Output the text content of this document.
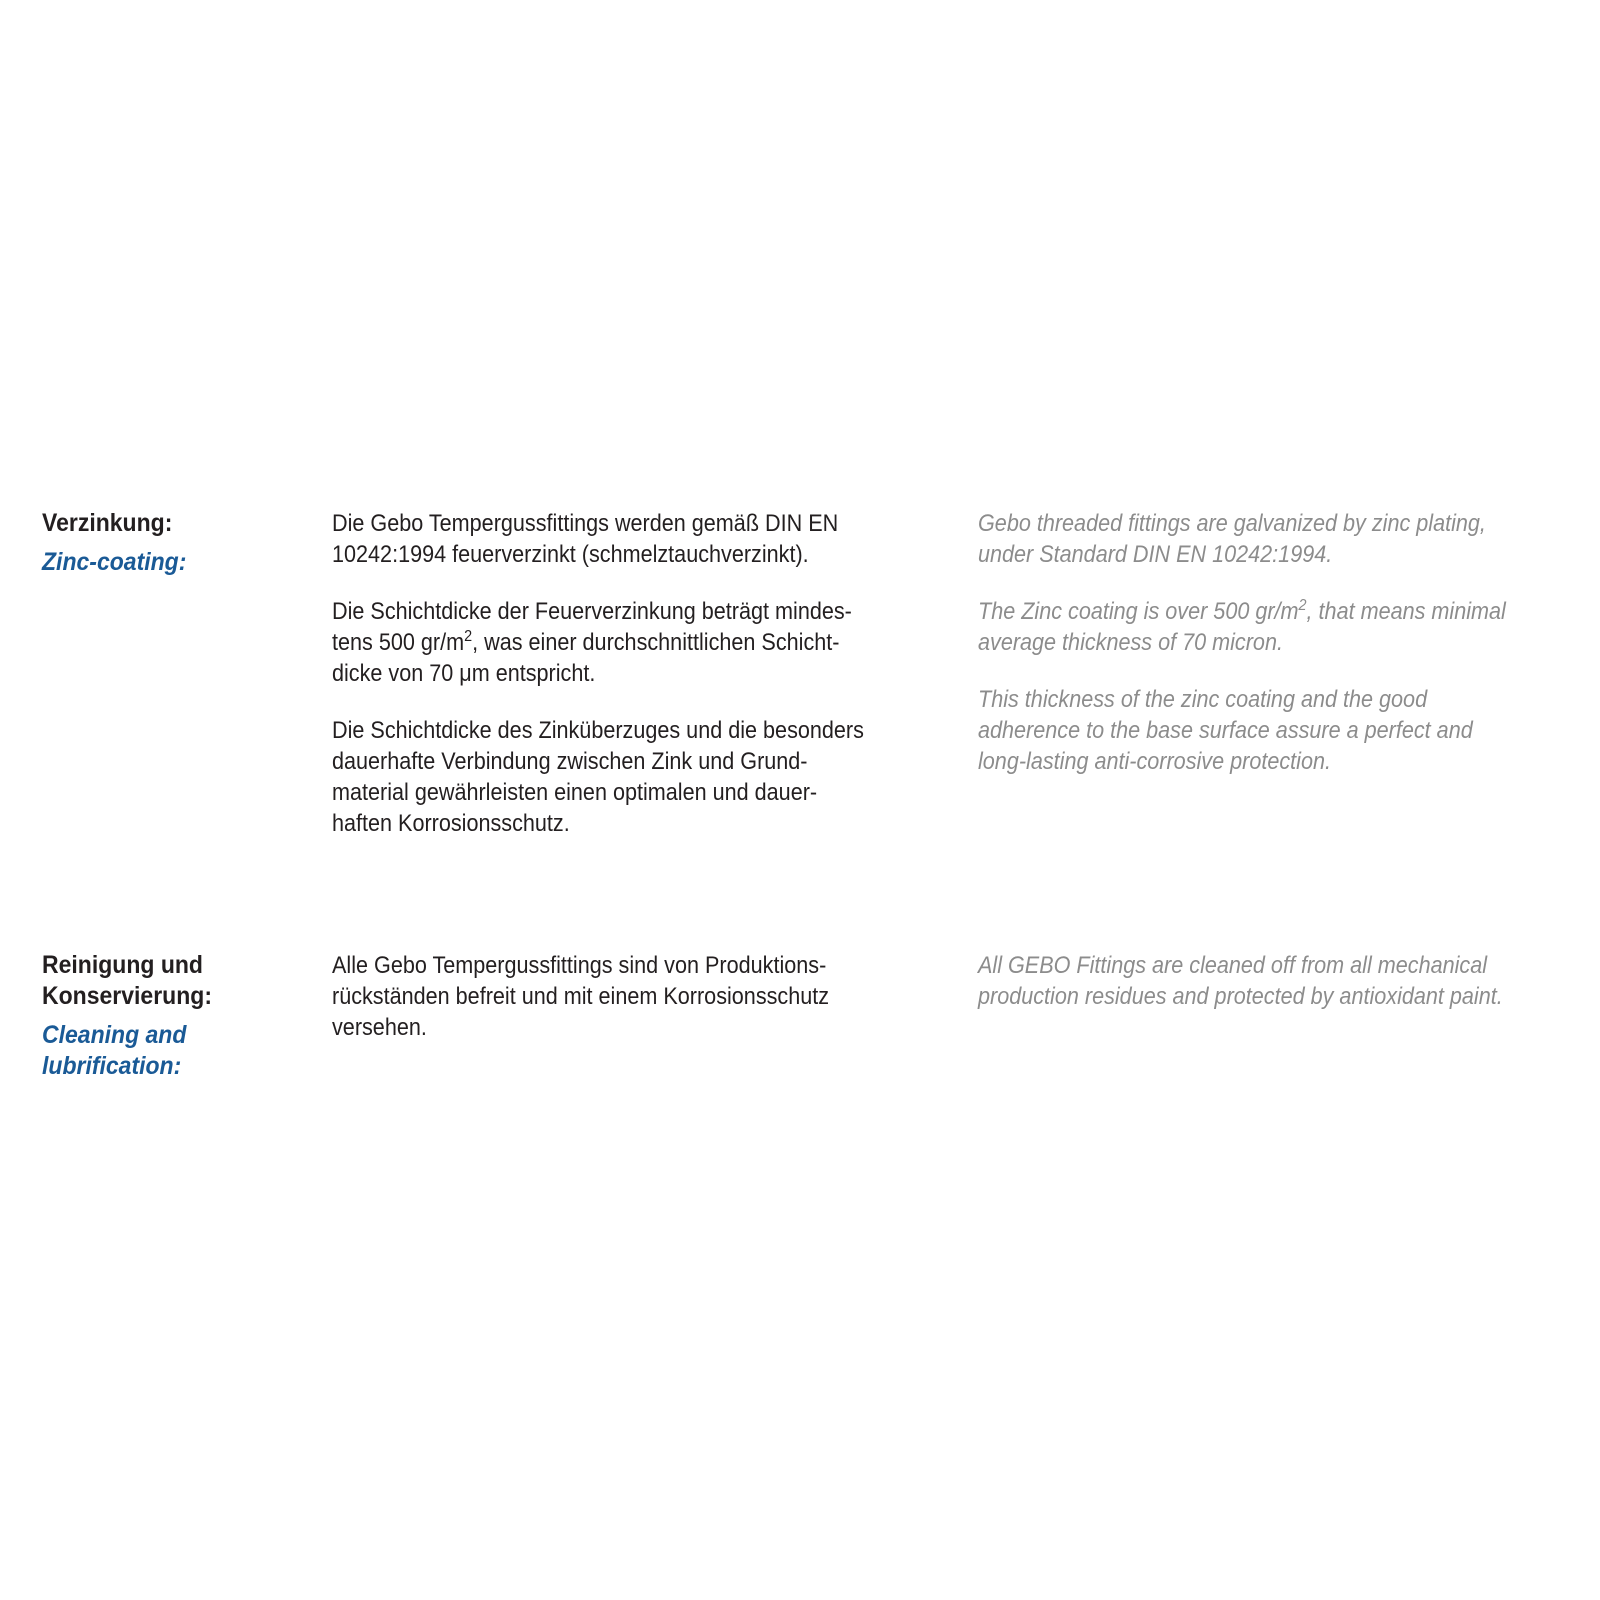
Verzinkung:
Zinc-coating:

Die Gebo Tempergussfittings werden gemäß DIN EN
10242:1994 feuerverzinkt (schmelztauchverzinkt).

Die Schichtdicke der Feuerverzinkung beträgt mindes-
tens 500 $gr/m^2$, was einer durchschnittlichen Schicht-
dicke von 70 μm entspricht.

Die Schichtdicke des Zinküberzuges und die besonders
dauerhafte Verbindung zwischen Zink und Grund-
material gewährleisten einen optimalen und dauer-
haften Korrosionsschutz.

Gebo threaded fittings are galvanized by zinc plating,
under Standard DIN EN 10242:1994.

The Zinc coating is over 500 $gr/m^2$, that means minimal
average thickness of 70 micron.

This thickness of the zinc coating and the good
adherence to the base surface assure a perfect and
long-lasting anti-corrosive protection.

Reinigung und
Konservierung:
Cleaning and
lubrification:

Alle Gebo Tempergussfittings sind von Produktions-
rückständen befreit und mit einem Korrosionsschutz
versehen.

All GEBO Fittings are cleaned off from all mechanical
production residues and protected by antioxidant paint.
